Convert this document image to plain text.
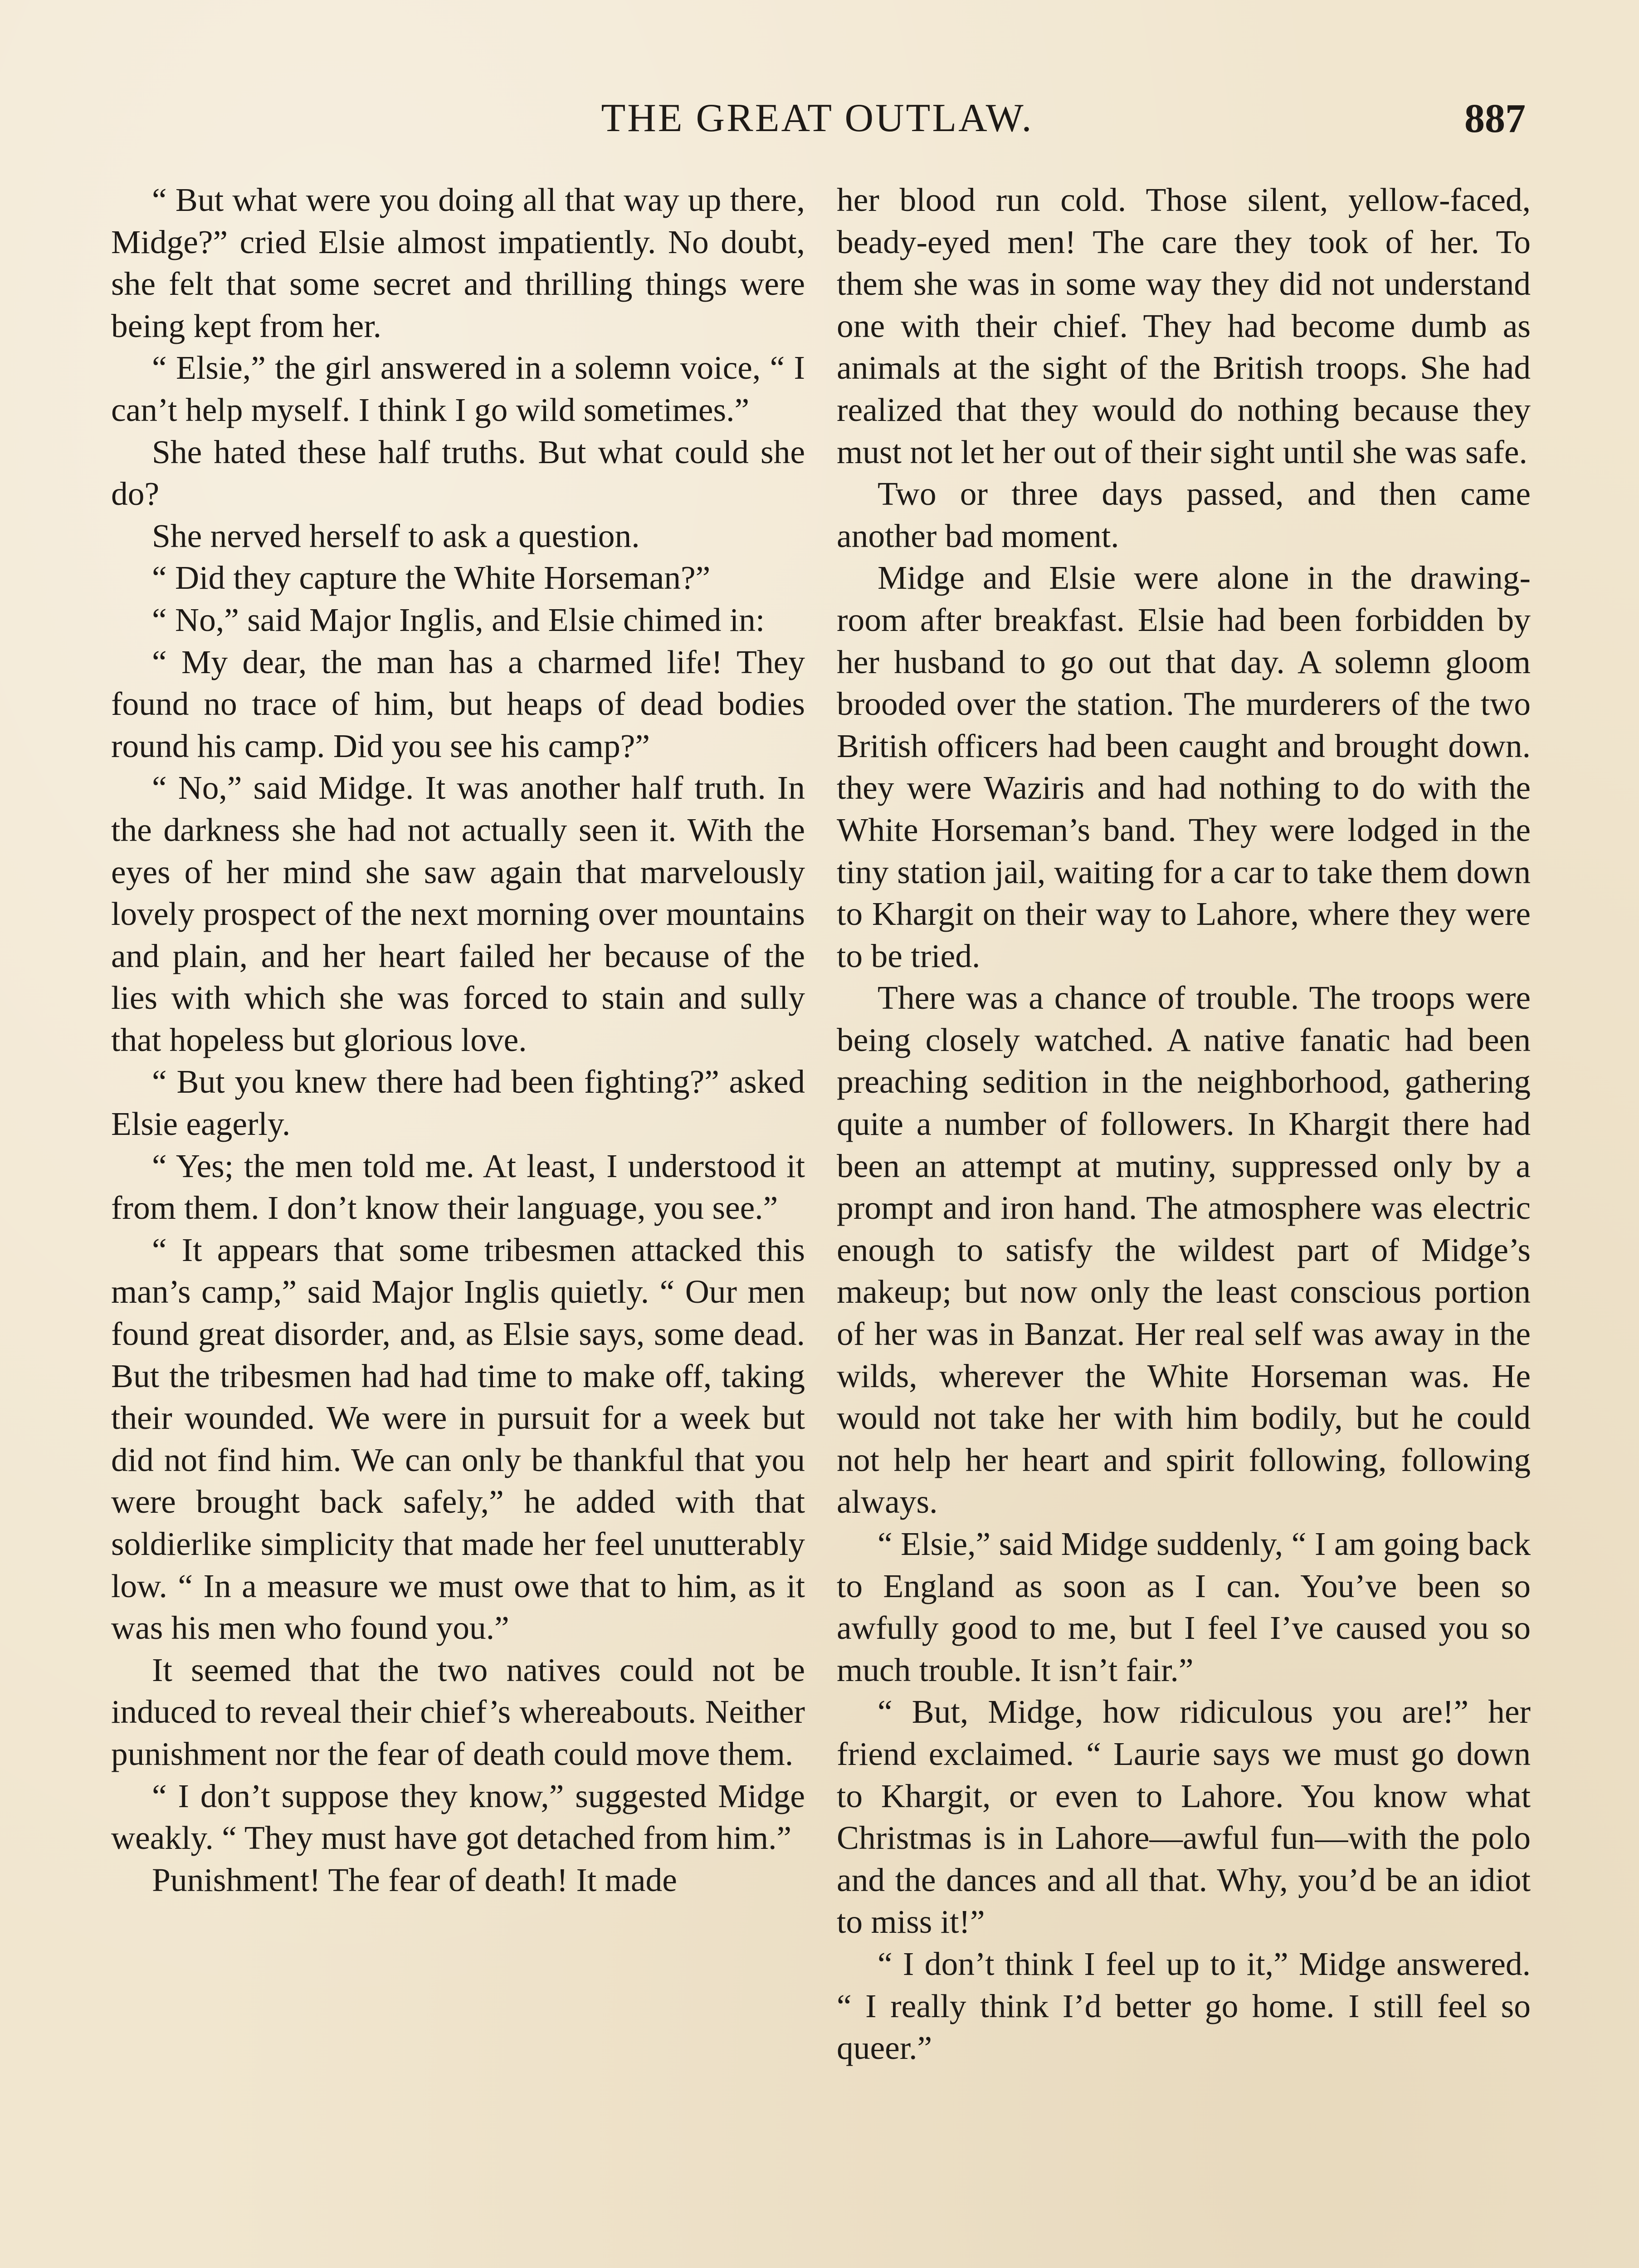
THE GREAT OUTLAW.	887

“ But what were you doing all that way up there, Midge?” cried Elsie almost impatiently. No doubt, she felt that some secret and thrilling things were being kept from her.

“ Elsie,” the girl answered in a solemn voice, “ I can’t help myself. I think I go wild sometimes.”

She hated these half truths. But what could she do?

She nerved herself to ask a question.

“ Did they capture the White Horseman?”

“ No,” said Major Inglis, and Elsie chimed in:

“ My dear, the man has a charmed life! They found no trace of him, but heaps of dead bodies round his camp. Did you see his camp?”

“ No,” said Midge. It was another half truth. In the darkness she had not actually seen it. With the eyes of her mind she saw again that marvelously lovely prospect of the next morning over mountains and plain, and her heart failed her because of the lies with which she was forced to stain and sully that hopeless but glorious love.

“ But you knew there had been fighting?” asked Elsie eagerly.

“ Yes; the men told me. At least, I understood it from them. I don’t know their language, you see.”

“ It appears that some tribesmen attacked this man’s camp,” said Major Inglis quietly. “ Our men found great disorder, and, as Elsie says, some dead. But the tribesmen had had time to make off, taking their wounded. We were in pursuit for a week but did not find him. We can only be thankful that you were brought back safely,” he added with that soldierlike simplicity that made her feel unutterably low. “ In a measure we must owe that to him, as it was his men who found you.”

It seemed that the two natives could not be induced to reveal their chief’s whereabouts. Neither punishment nor the fear of death could move them.

“ I don’t suppose they know,” suggested Midge weakly. “ They must have got detached from him.”

Punishment! The fear of death! It made

her blood run cold. Those silent, yellow-faced, beady-eyed men! The care they took of her. To them she was in some way they did not understand one with their chief. They had become dumb as animals at the sight of the British troops. She had realized that they would do nothing because they must not let her out of their sight until she was safe.

Two or three days passed, and then came another bad moment.

Midge and Elsie were alone in the drawing-room after breakfast. Elsie had been forbidden by her husband to go out that day. A solemn gloom brooded over the station. The murderers of the two British officers had been caught and brought down. they were Waziris and had nothing to do with the White Horseman’s band. They were lodged in the tiny station jail, waiting for a car to take them down to Khargit on their way to Lahore, where they were to be tried.

There was a chance of trouble. The troops were being closely watched. A native fanatic had been preaching sedition in the neighborhood, gathering quite a number of followers. In Khargit there had been an attempt at mutiny, suppressed only by a prompt and iron hand. The atmosphere was electric enough to satisfy the wildest part of Midge’s makeup; but now only the least conscious portion of her was in Banzat. Her real self was away in the wilds, wherever the White Horseman was. He would not take her with him bodily, but he could not help her heart and spirit following, following always.

“ Elsie,” said Midge suddenly, “ I am going back to England as soon as I can. You’ve been so awfully good to me, but I feel I’ve caused you so much trouble. It isn’t fair.”

“ But, Midge, how ridiculous you are!” her friend exclaimed. “ Laurie says we must go down to Khargit, or even to Lahore. You know what Christmas is in Lahore—awful fun—with the polo and the dances and all that. Why, you’d be an idiot to miss it!”

“ I don’t think I feel up to it,” Midge answered. “ I really think I’d better go home. I still feel so queer.”
